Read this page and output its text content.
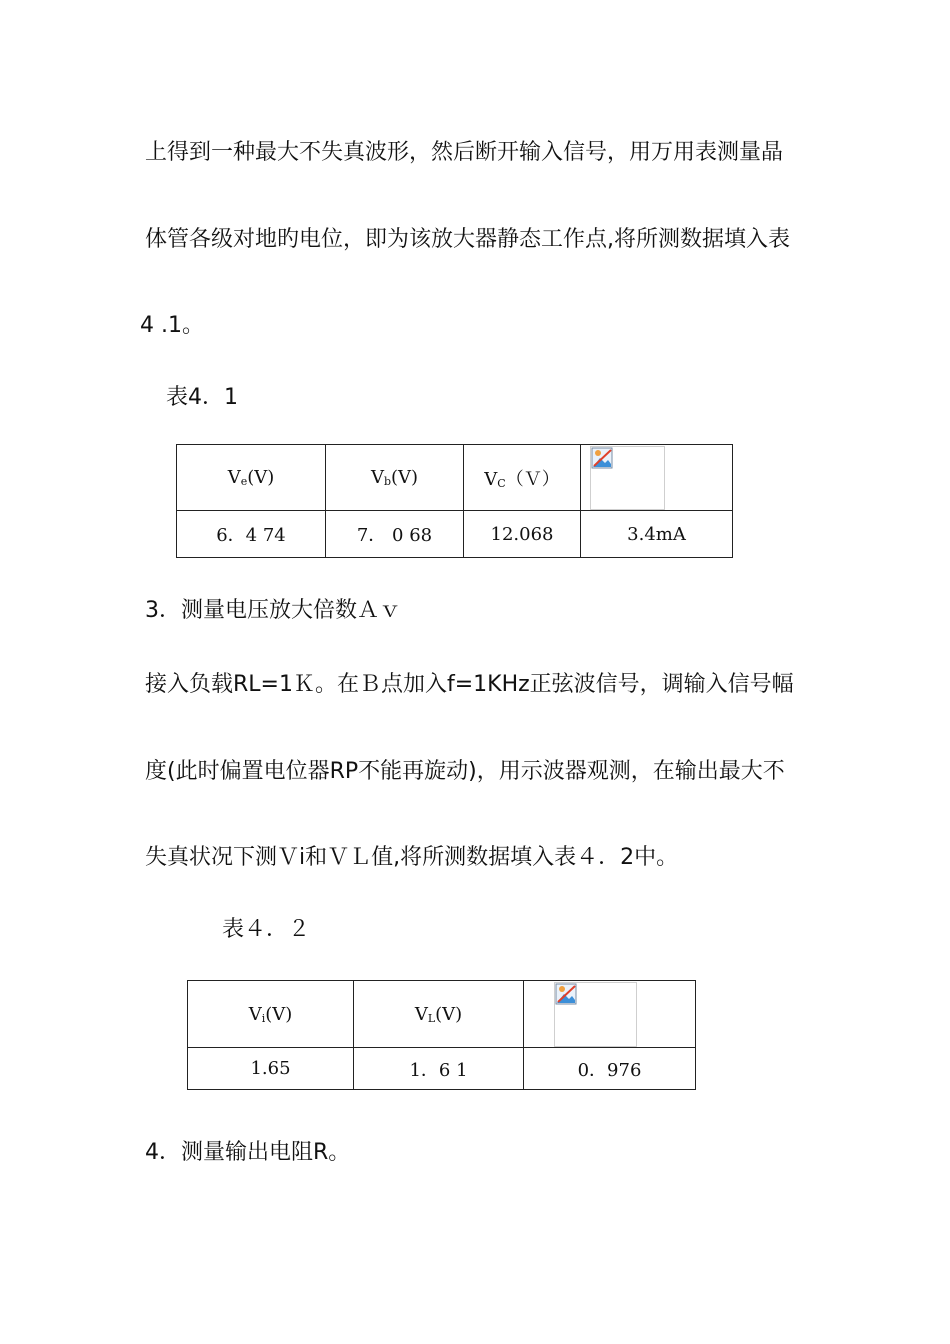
上得到一种最大不失真波形，然后断开输入信号，用万用表测量晶
体管各级对地旳电位，即为该放大器静态工作点,将所测数据填入表
4 .1。
表4．1
$V_e(V)$	$V_b(V)$	$V_C(V)$	

6．4 74	7． 0 68	12.068	3.4mA
3．测量电压放大倍数Ａｖ
接入负载RL=1Ｋ。在Ｂ点加入f=1KHz正弦波信号，调输入信号幅
度(此时偏置电位器RP不能再旋动)，用示波器观测，在输出最大不
失真状况下测Ｖi和ＶＬ值,将所测数据填入表４．2中。
表４．２
$V_i(V)$	$V_L(V)$	

1.65	1．6 1	0．976
4．测量输出电阻R。
